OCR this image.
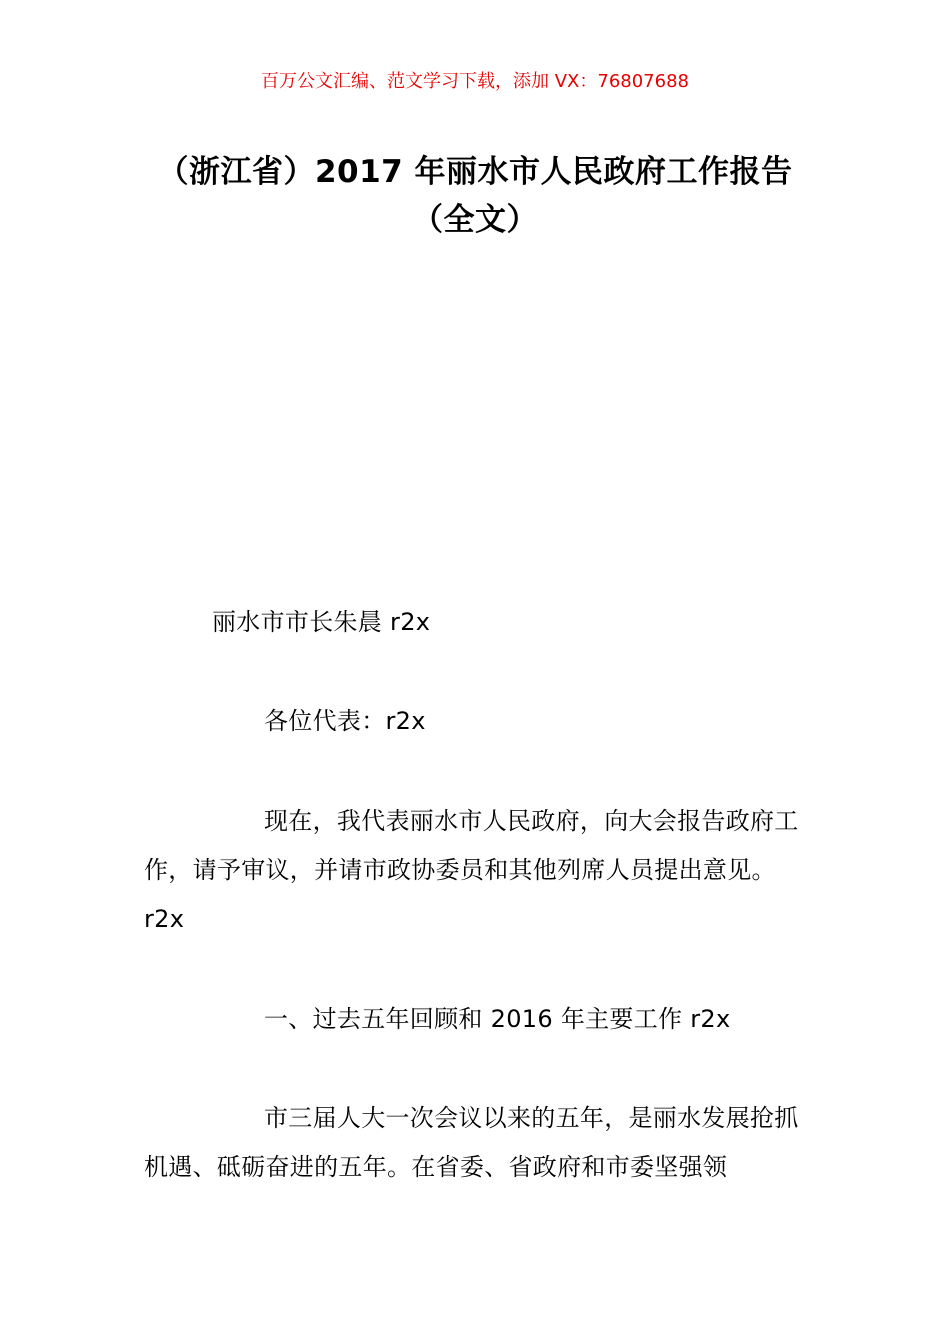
百万公文汇编、范文学习下载，添加 VX：76807688
（浙江省）2017 年丽水市人民政府工作报告（全文）
丽水市市长朱晨 r2x
各位代表：r2x
现在，我代表丽水市人民政府，向大会报告政府工作，请予审议，并请市政协委员和其他列席人员提出意见。r2x
一、过去五年回顾和 2016 年主要工作 r2x
市三届人大一次会议以来的五年，是丽水发展抢抓机遇、砥砺奋进的五年。在省委、省政府和市委坚强领
